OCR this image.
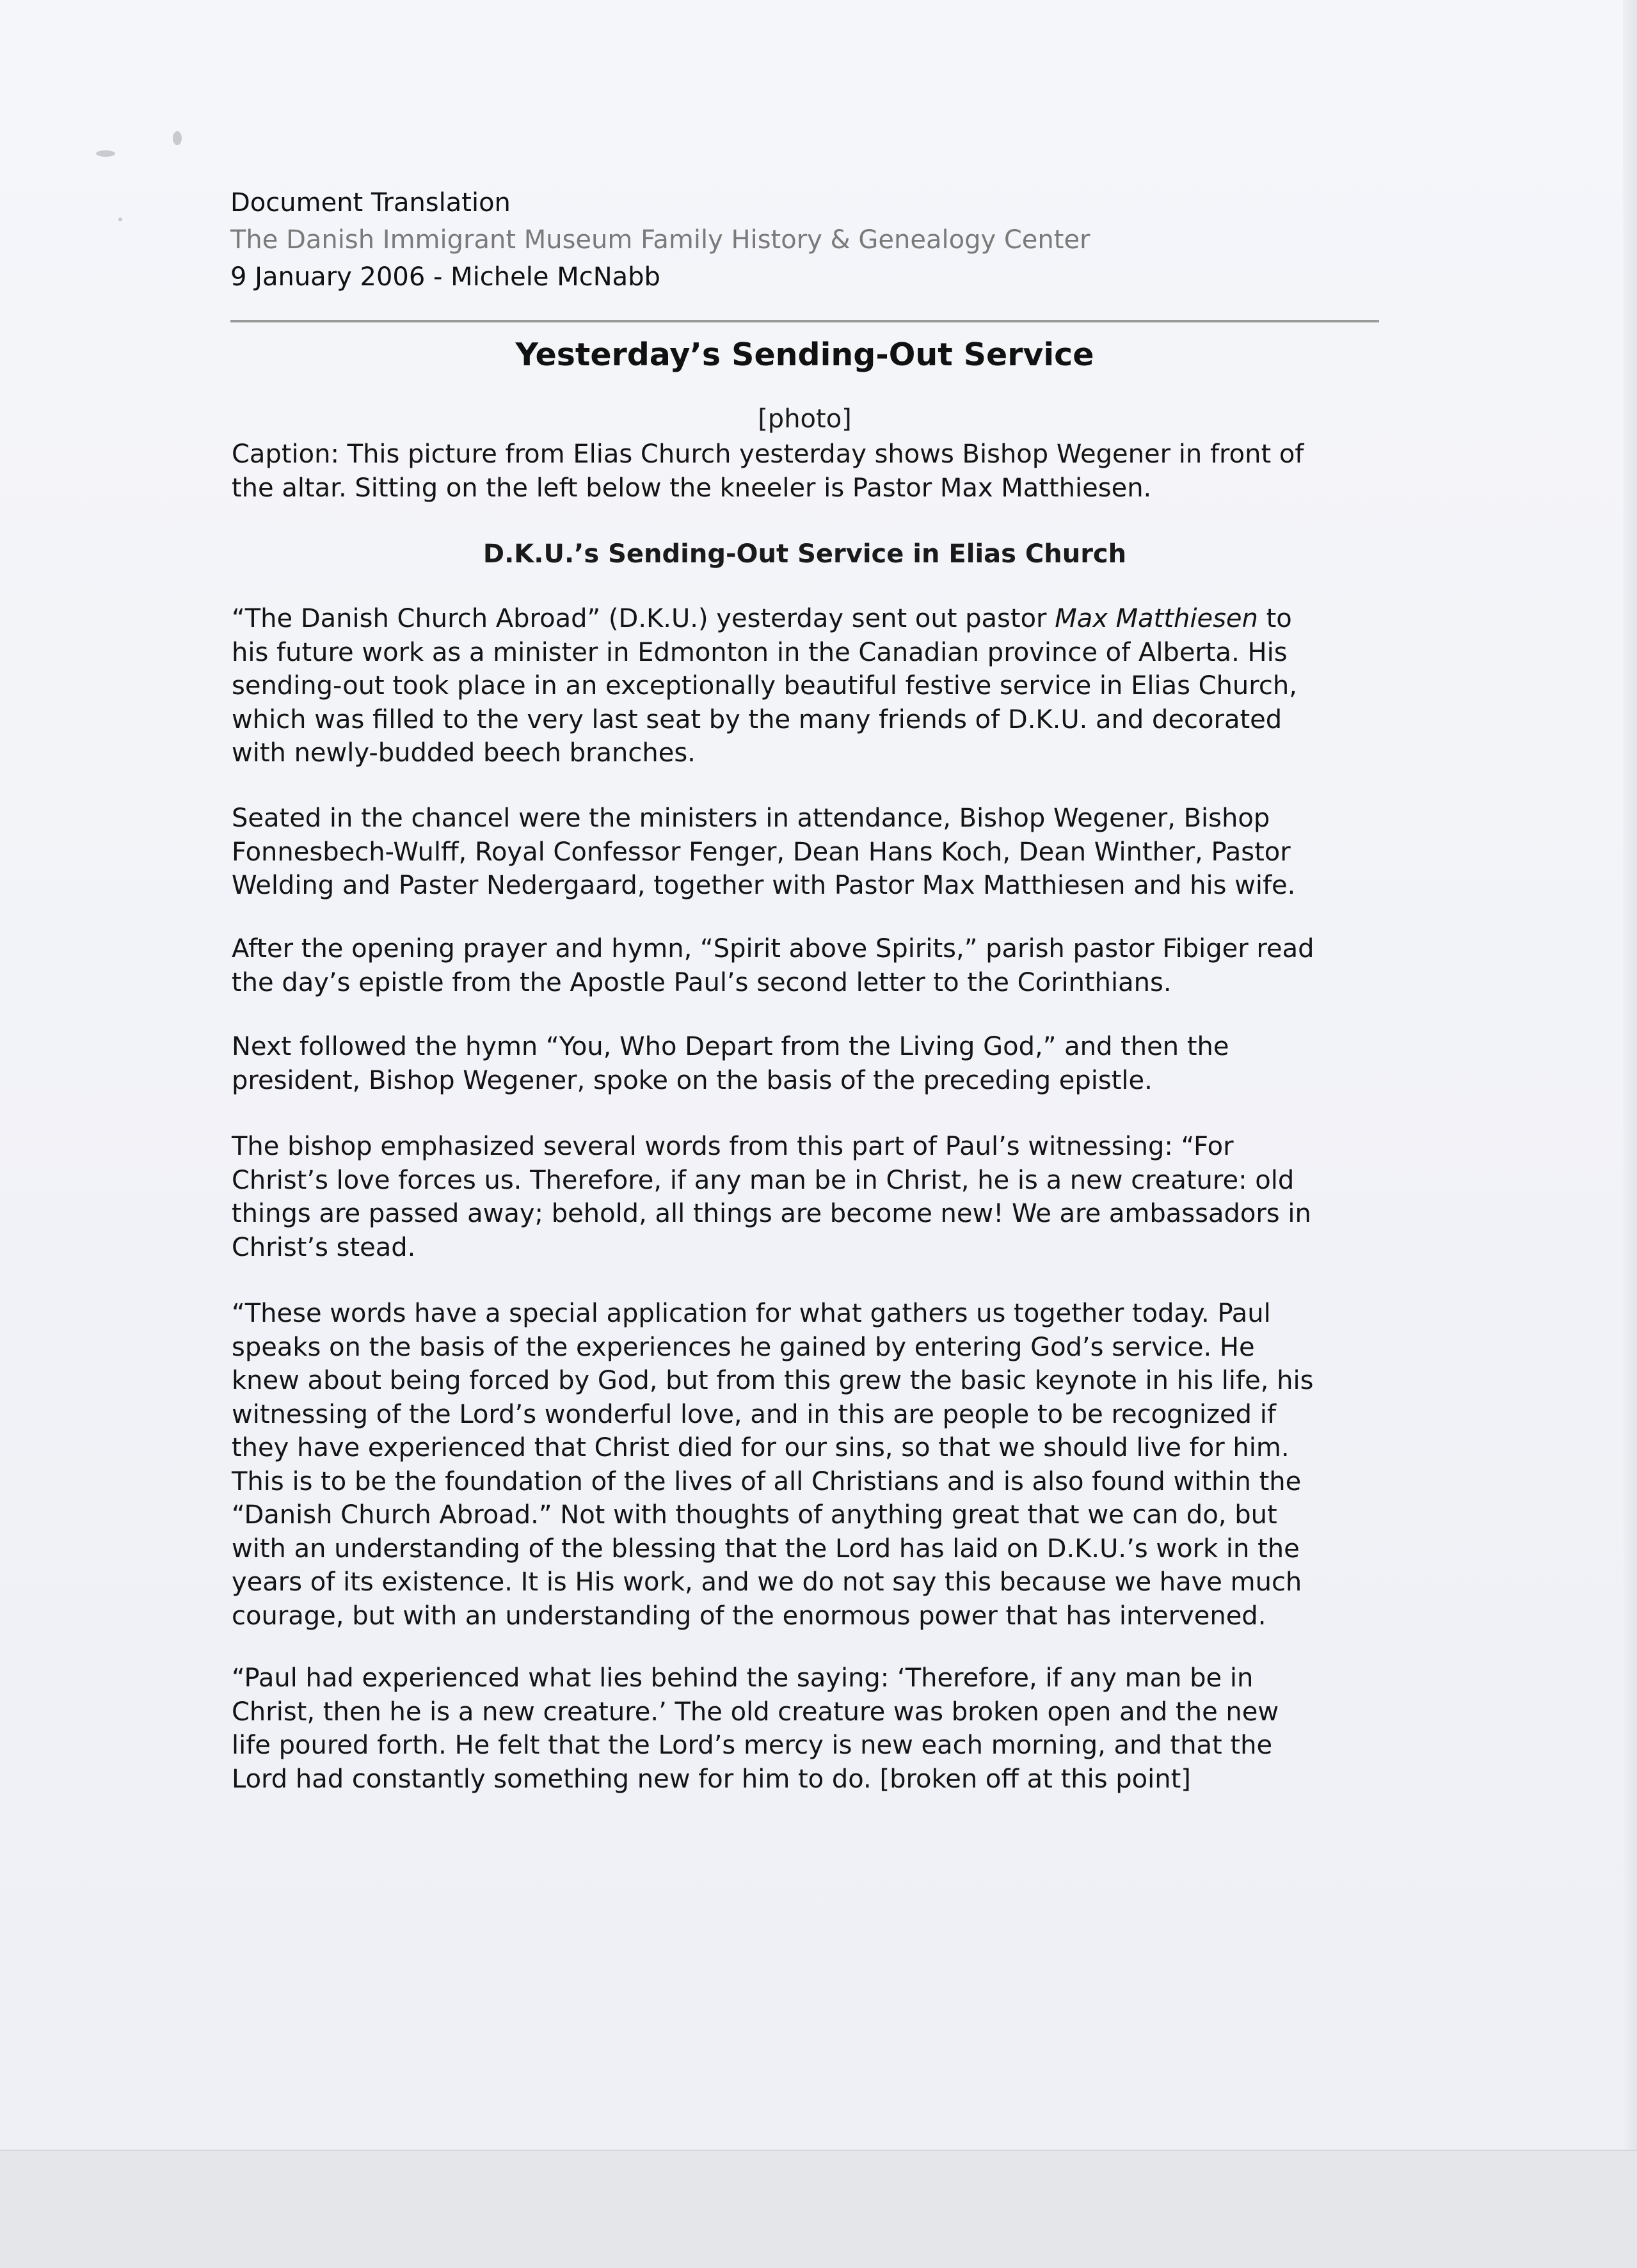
Document Translation
The Danish Immigrant Museum Family History & Genealogy Center
9 January 2006 - Michele McNabb
Yesterday’s Sending-Out Service
[photo]

Caption: This picture from Elias Church yesterday shows Bishop Wegener in front of
the altar. Sitting on the left below the kneeler is Pastor Max Matthiesen.

D.K.U.’s Sending-Out Service in Elias Church

“The Danish Church Abroad” (D.K.U.) yesterday sent out pastor Max Matthiesen to
his future work as a minister in Edmonton in the Canadian province of Alberta. His
sending-out took place in an exceptionally beautiful festive service in Elias Church,
which was filled to the very last seat by the many friends of D.K.U. and decorated
with newly-budded beech branches.

Seated in the chancel were the ministers in attendance, Bishop Wegener, Bishop
Fonnesbech-Wulff, Royal Confessor Fenger, Dean Hans Koch, Dean Winther, Pastor
Welding and Paster Nedergaard, together with Pastor Max Matthiesen and his wife.

After the opening prayer and hymn, “Spirit above Spirits,” parish pastor Fibiger read
the day’s epistle from the Apostle Paul’s second letter to the Corinthians.

Next followed the hymn “You, Who Depart from the Living God,” and then the
president, Bishop Wegener, spoke on the basis of the preceding epistle.

The bishop emphasized several words from this part of Paul’s witnessing: “For
Christ’s love forces us. Therefore, if any man be in Christ, he is a new creature: old
things are passed away; behold, all things are become new! We are ambassadors in
Christ’s stead.

“These words have a special application for what gathers us together today. Paul
speaks on the basis of the experiences he gained by entering God’s service. He
knew about being forced by God, but from this grew the basic keynote in his life, his
witnessing of the Lord’s wonderful love, and in this are people to be recognized if
they have experienced that Christ died for our sins, so that we should live for him.
This is to be the foundation of the lives of all Christians and is also found within the
“Danish Church Abroad.” Not with thoughts of anything great that we can do, but
with an understanding of the blessing that the Lord has laid on D.K.U.’s work in the
years of its existence. It is His work, and we do not say this because we have much
courage, but with an understanding of the enormous power that has intervened.

“Paul had experienced what lies behind the saying: ‘Therefore, if any man be in
Christ, then he is a new creature.’ The old creature was broken open and the new
life poured forth. He felt that the Lord’s mercy is new each morning, and that the
Lord had constantly something new for him to do. [broken off at this point]
